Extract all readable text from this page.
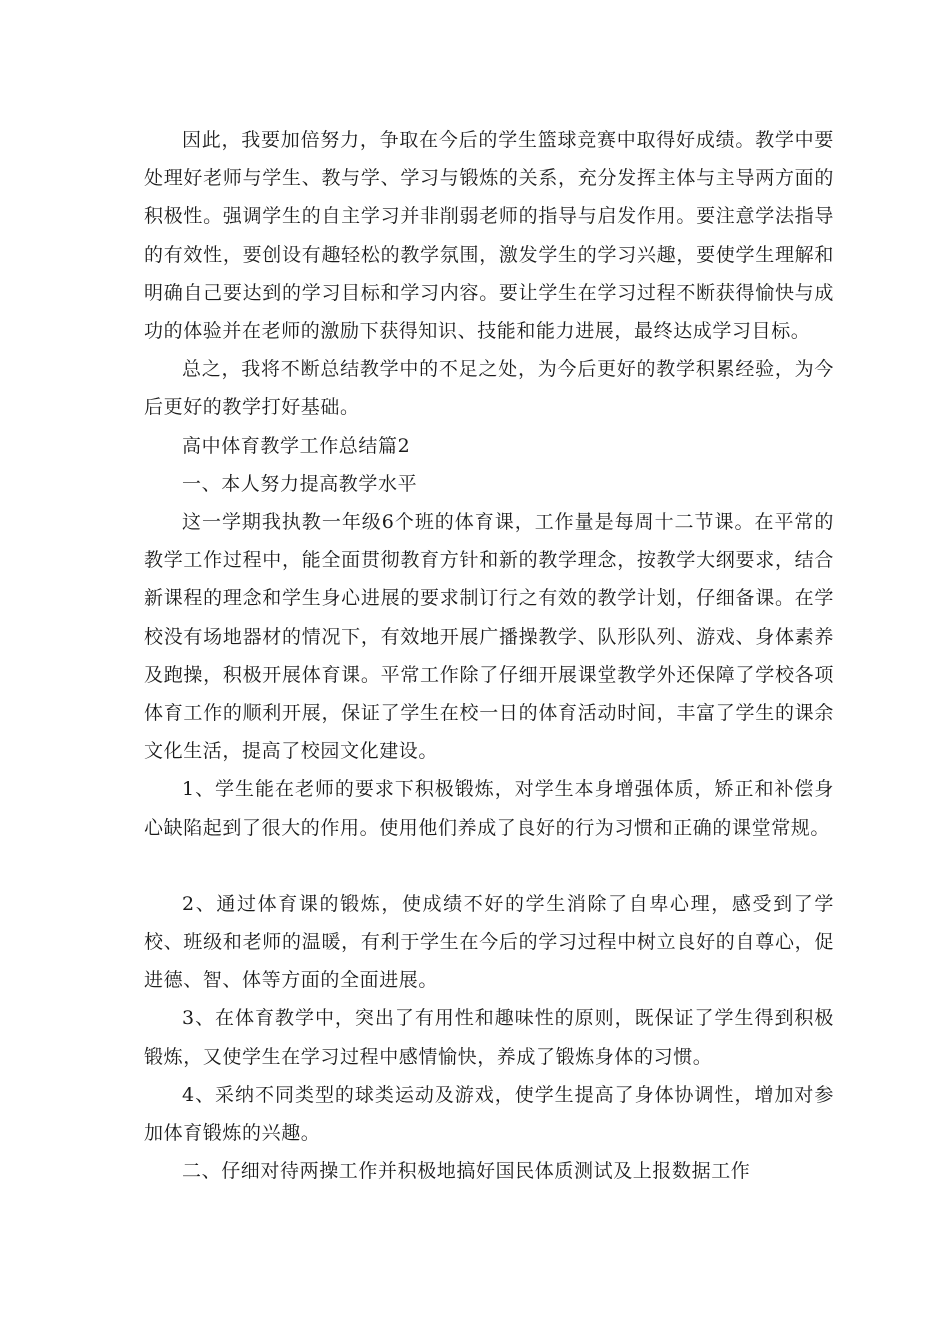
因此，我要加倍努力，争取在今后的学生篮球竞赛中取得好成绩。教学中要处理好老师与学生、教与学、学习与锻炼的关系，充分发挥主体与主导两方面的积极性。强调学生的自主学习并非削弱老师的指导与启发作用。要注意学法指导的有效性，要创设有趣轻松的教学氛围，激发学生的学习兴趣，要使学生理解和明确自己要达到的学习目标和学习内容。要让学生在学习过程不断获得愉快与成功的体验并在老师的激励下获得知识、技能和能力进展，最终达成学习目标。

总之，我将不断总结教学中的不足之处，为今后更好的教学积累经验，为今后更好的教学打好基础。

高中体育教学工作总结篇2

一、本人努力提高教学水平

这一学期我执教一年级6个班的体育课，工作量是每周十二节课。在平常的教学工作过程中，能全面贯彻教育方针和新的教学理念，按教学大纲要求，结合新课程的理念和学生身心进展的要求制订行之有效的教学计划，仔细备课。在学校没有场地器材的情况下，有效地开展广播操教学、队形队列、游戏、身体素养及跑操，积极开展体育课。平常工作除了仔细开展课堂教学外还保障了学校各项体育工作的顺利开展，保证了学生在校一日的体育活动时间，丰富了学生的课余文化生活，提高了校园文化建设。

1、学生能在老师的要求下积极锻炼，对学生本身增强体质，矫正和补偿身心缺陷起到了很大的作用。使用他们养成了良好的行为习惯和正确的课堂常规。

2、通过体育课的锻炼，使成绩不好的学生消除了自卑心理，感受到了学校、班级和老师的温暖，有利于学生在今后的学习过程中树立良好的自尊心，促进德、智、体等方面的全面进展。

3、在体育教学中，突出了有用性和趣味性的原则，既保证了学生得到积极锻炼，又使学生在学习过程中感情愉快，养成了锻炼身体的习惯。

4、采纳不同类型的球类运动及游戏，使学生提高了身体协调性，增加对参加体育锻炼的兴趣。

二、仔细对待两操工作并积极地搞好国民体质测试及上报数据工作
